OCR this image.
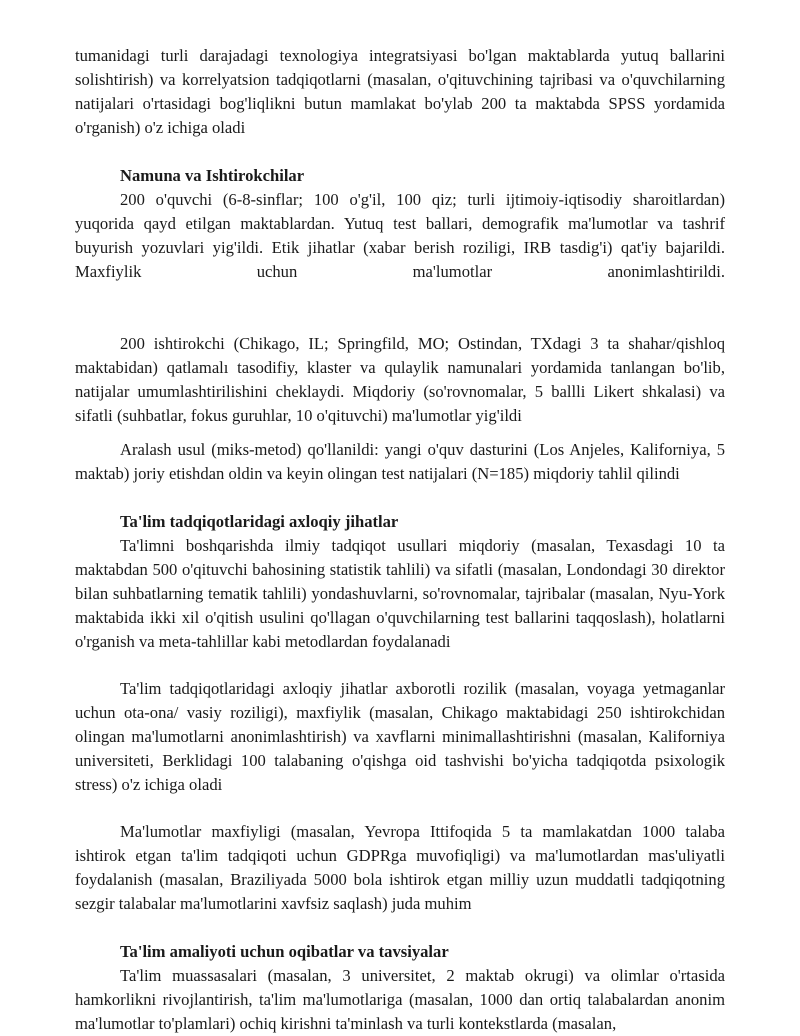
tumanidagi turli darajadagi texnologiya integratsiyasi bo'lgan maktablarda yutuq ballarini solishtirish) va korrelyatsion tadqiqotlarni (masalan, o'qituvchining tajribasi va o'quvchilarning natijalari o'rtasidagi bog'liqlikni butun mamlakat bo'ylab 200 ta maktabda SPSS yordamida o'rganish) o'z ichiga oladi

Namuna va Ishtirokchilar

200 o'quvchi (6-8-sinflar; 100 o'g'il, 100 qiz; turli ijtimoiy-iqtisodiy sharoitlardan) yuqorida qayd etilgan maktablardan. Yutuq test ballari, demografik ma'lumotlar va tashrif buyurish yozuvlari yig'ildi. Etik jihatlar (xabar berish roziligi, IRB tasdig'i) qat'iy bajarildi. Maxfiylik uchun ma'lumotlar anonimlashtirildi.

200 ishtirokchi (Chikago, IL; Springfild, MO; Ostindan, TXdagi 3 ta shahar/qishloq maktabidan) qatlamalı tasodifiy, klaster va qulaylik namunalari yordamida tanlangan bo'lib, natijalar umumlashtirilishini cheklaydi. Miqdoriy (so'rovnomalar, 5 ballli Likert shkalasi) va sifatli (suhbatlar, fokus guruhlar, 10 o'qituvchi) ma'lumotlar yig'ildi

Aralash usul (miks-metod) qo'llanildi: yangi o'quv dasturini (Los Anjeles, Kaliforniya, 5 maktab) joriy etishdan oldin va keyin olingan test natijalari (N=185) miqdoriy tahlil qilindi

Ta'lim tadqiqotlaridagi axloqiy jihatlar

Ta'limni boshqarishda ilmiy tadqiqot usullari miqdoriy (masalan, Texasdagi 10 ta maktabdan 500 o'qituvchi bahosining statistik tahlili) va sifatli (masalan, Londondagi 30 direktor bilan suhbatlarning tematik tahlili) yondashuvlarni, so'rovnomalar, tajribalar (masalan, Nyu-York maktabida ikki xil o'qitish usulini qo'llagan o'quvchilarning test ballarini taqqoslash), holatlarni o'rganish va meta-tahlillar kabi metodlardan foydalanadi

Ta'lim tadqiqotlaridagi axloqiy jihatlar axborotli rozilik (masalan, voyaga yetmaganlar uchun ota-ona/ vasiy roziligi), maxfiylik (masalan, Chikago maktabidagi 250 ishtirokchidan olingan ma'lumotlarni anonimlashtirish) va xavflarni minimallashtirishni (masalan, Kaliforniya universiteti, Berklidagi 100 talabaning o'qishga oid tashvishi bo'yicha tadqiqotda psixologik stress) o'z ichiga oladi

Ma'lumotlar maxfiyligi (masalan, Yevropa Ittifoqida 5 ta mamlakatdan 1000 talaba ishtirok etgan ta'lim tadqiqoti uchun GDPRga muvofiqligi) va ma'lumotlardan mas'uliyatli foydalanish (masalan, Braziliyada 5000 bola ishtirok etgan milliy uzun muddatli tadqiqotning sezgir talabalar ma'lumotlarini xavfsiz saqlash) juda muhim

Ta'lim amaliyoti uchun oqibatlar va tavsiyalar

Ta'lim muassasalari (masalan, 3 universitet, 2 maktab okrugi) va olimlar o'rtasida hamkorlikni rivojlantirish, ta'lim ma'lumotlariga (masalan, 1000 dan ortiq talabalardan anonim ma'lumotlar to'plamlari) ochiq kirishni ta'minlash va turli kontekstlarda (masalan,
